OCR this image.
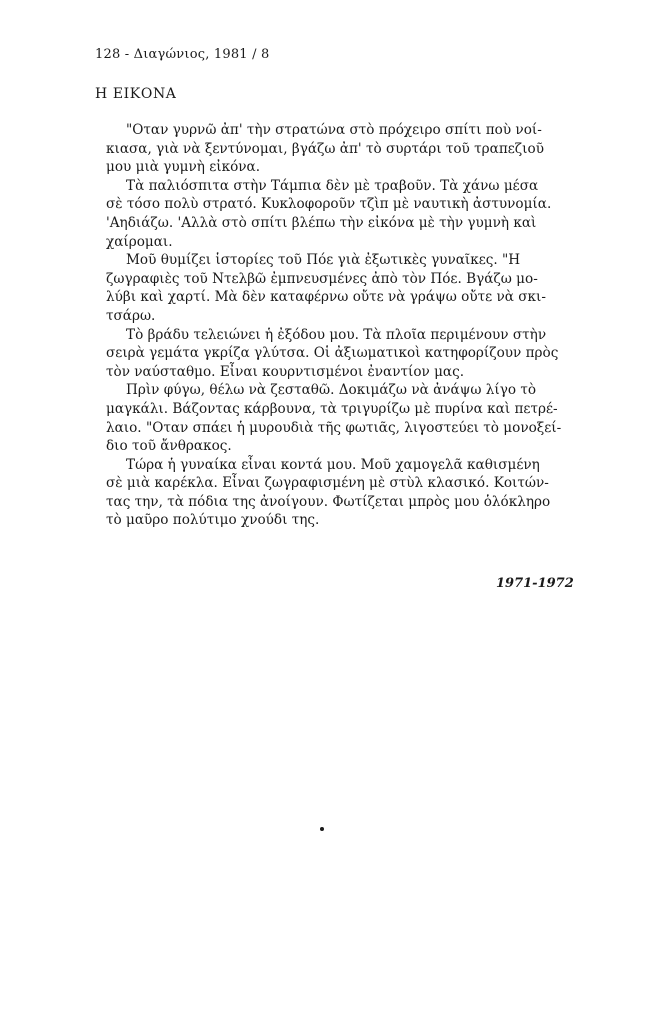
128 - Διαγώνιος, 1981 / 8
Η ΕΙΚΟΝΑ
"Οταν γυρνῶ ἀπ' τὴν στρατώνα στὸ πρόχειρο σπίτι ποὺ νοί-
κιασα, γιὰ νὰ ξεντύνομαι, βγάζω ἀπ' τὸ συρτάρι τοῦ τραπεζιοῦ
μου μιὰ γυμνὴ εἰκόνα.
Τὰ παλιόσπιτα στὴν Τάμπια δὲν μὲ τραβοῦν. Τὰ χάνω μέσα
σὲ τόσο πολὺ στρατό. Κυκλοφοροῦν τζὶπ μὲ ναυτικὴ ἀστυνομία.
'Αηδιάζω. 'Αλλὰ στὸ σπίτι βλέπω τὴν εἰκόνα μὲ τὴν γυμνὴ καὶ
χαίρομαι.
Μοῦ θυμίζει ἱστορίες τοῦ Πόε γιὰ ἐξωτικὲς γυναῖκες. "Η
ζωγραφιὲς τοῦ Ντελβῶ ἐμπνευσμένες ἀπὸ τὸν Πόε. Βγάζω μο-
λύβι καὶ χαρτί. Μὰ δὲν καταφέρνω οὔτε νὰ γράψω οὔτε νὰ σκι-
τσάρω.
Τὸ βράδυ τελειώνει ἡ ἐξόδου μου. Τὰ πλοῖα περιμένουν στὴν
σειρὰ γεμάτα γκρίζα γλύτσα. Οἱ ἀξιωματικοὶ κατηφορίζουν πρὸς
τὸν ναύσταθμο. Εἶναι κουρντισμένοι ἐναντίον μας.
Πρὶν φύγω, θέλω νὰ ζεσταθῶ. Δοκιμάζω νὰ ἀνάψω λίγο τὸ
μαγκάλι. Βάζοντας κάρβουνα, τὰ τριγυρίζω μὲ πυρίνα καὶ πετρέ-
λαιο. "Οταν σπάει ἡ μυρουδιὰ τῆς φωτιᾶς, λιγοστεύει τὸ μονοξεί-
διο τοῦ ἄνθρακος.
Τώρα ἡ γυναίκα εἶναι κοντά μου. Μοῦ χαμογελᾶ καθισμένη
σὲ μιὰ καρέκλα. Εἶναι ζωγραφισμένη μὲ στὺλ κλασικό. Κοιτών-
τας την, τὰ πόδια της ἀνοίγουν. Φωτίζεται μπρὸς μου ὁλόκληρο
τὸ μαῦρο πολύτιμο χνούδι της.
1971-1972
